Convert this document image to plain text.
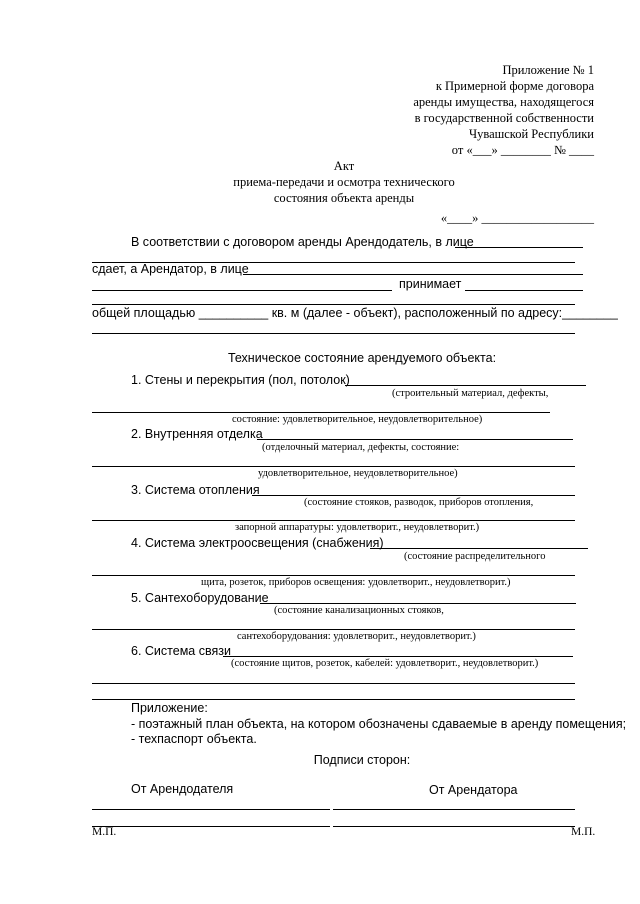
Приложение № 1
к Примерной форме договора
аренды имущества, находящегося
в государственной собственности
Чувашской Республики
от «___» ________ № ____
Акт
приема-передачи и осмотра технического
состояния объекта аренды
«____» __________________
В соответствии с договором аренды Арендодатель, в лице
сдает, а Арендатор, в лице
принимает
общей площадью __________ кв. м (далее - объект), расположенный по адресу:________
Техническое состояние арендуемого объекта:
1. Стены и перекрытия (пол, потолок)
(строительный материал, дефекты,
состояние: удовлетворительное, неудовлетворительное)
2. Внутренняя отделка
(отделочный материал, дефекты, состояние:
удовлетворительное, неудовлетворительное)
3. Система отопления
(состояние стояков, разводок, приборов отопления,
запорной аппаратуры: удовлетворит., неудовлетворит.)
4. Система электроосвещения (снабжения)
(состояние распределительного
щита, розеток, приборов освещения: удовлетворит., неудовлетворит.)
5. Сантехоборудование
(состояние канализационных стояков,
сантехоборудования: удовлетворит., неудовлетворит.)
6. Система связи
(состояние щитов, розеток, кабелей: удовлетворит., неудовлетворит.)
Приложение:
- поэтажный план объекта, на котором обозначены сдаваемые в аренду помещения;
- техпаспорт объекта.
Подписи сторон:
От Арендодателя	От Арендатора
М.П.	М.П.
